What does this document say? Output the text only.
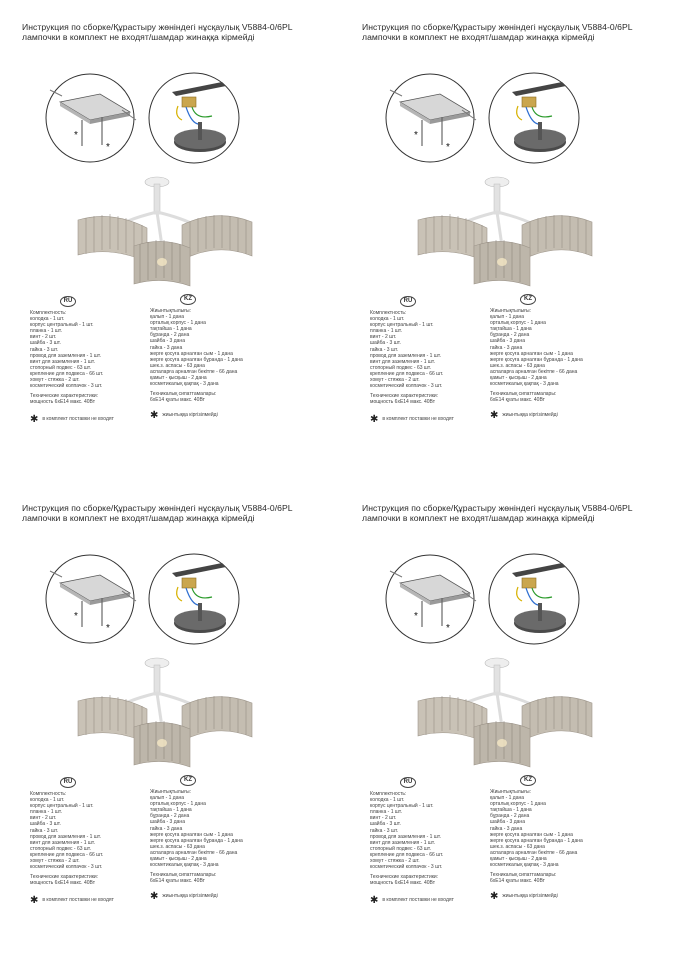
Инструкция по сборке/Құрастыру жөніндегі нұсқаулық V5884-0/6PL
лампочки в комплект не входят/шамдар жинаққа кірмейді
*
*
RU	KZ
Комплектность:
колодка - 1 шт.
корпус центральный - 1 шт.
планка - 1 шт.
винт - 2 шт.
шайба - 3 шт.
гайка - 3 шт.
провод для заземления - 1 шт.
винт для заземления - 1 шт.
стопорный подвес - 63 шт.
крепление для подвеса - 66 шт.
хомут - стяжка - 2 шт.
косметический колпачок - 3 шт.
Технические характеристики:
мощность 6хЕ14 макс. 40Вт
Жиынтықтылығы:
қалып - 1 дана
орталық корпус - 1 дана
тақтайша - 1 дана
бұранда - 2 дана
шайба - 3 дана
гайка - 3 дана
жерге қосуға арналған сым - 1 дана
жерге қосуға арналған бұранда - 1 дана
шек.з. аспасы - 63 дана
аспаларға арналған бекітпе - 66 дана
қамыт - қысқыш - 2 дана
косметикалық қақпақ - 3 дана
Техникалық сипаттамалары:
6хЕ14 қуаты макс. 40Вт
✱ в комплект поставки не входят	✱ жиынтыққа кіргізілмейді
Инструкция по сборке/Құрастыру жөніндегі нұсқаулық V5884-0/6PL
лампочки в комплект не входят/шамдар жинаққа кірмейді
*
*
RU	KZ
Комплектность:
колодка - 1 шт.
корпус центральный - 1 шт.
планка - 1 шт.
винт - 2 шт.
шайба - 3 шт.
гайка - 3 шт.
провод для заземления - 1 шт.
винт для заземления - 1 шт.
стопорный подвес - 63 шт.
крепление для подвеса - 66 шт.
хомут - стяжка - 2 шт.
косметический колпачок - 3 шт.
Технические характеристики:
мощность 6хЕ14 макс. 40Вт
Жиынтықтылығы:
қалып - 1 дана
орталық корпус - 1 дана
тақтайша - 1 дана
бұранда - 2 дана
шайба - 3 дана
гайка - 3 дана
жерге қосуға арналған сым - 1 дана
жерге қосуға арналған бұранда - 1 дана
шек.з. аспасы - 63 дана
аспаларға арналған бекітпе - 66 дана
қамыт - қысқыш - 2 дана
косметикалық қақпақ - 3 дана
Техникалық сипаттамалары:
6хЕ14 қуаты макс. 40Вт
✱ в комплект поставки не входят	✱ жиынтыққа кіргізілмейді
Инструкция по сборке/Құрастыру жөніндегі нұсқаулық V5884-0/6PL
лампочки в комплект не входят/шамдар жинаққа кірмейді
*
*
RU	KZ
Комплектность:
колодка - 1 шт.
корпус центральный - 1 шт.
планка - 1 шт.
винт - 2 шт.
шайба - 3 шт.
гайка - 3 шт.
провод для заземления - 1 шт.
винт для заземления - 1 шт.
стопорный подвес - 63 шт.
крепление для подвеса - 66 шт.
хомут - стяжка - 2 шт.
косметический колпачок - 3 шт.
Технические характеристики:
мощность 6хЕ14 макс. 40Вт
Жиынтықтылығы:
қалып - 1 дана
орталық корпус - 1 дана
тақтайша - 1 дана
бұранда - 2 дана
шайба - 3 дана
гайка - 3 дана
жерге қосуға арналған сым - 1 дана
жерге қосуға арналған бұранда - 1 дана
шек.з. аспасы - 63 дана
аспаларға арналған бекітпе - 66 дана
қамыт - қысқыш - 2 дана
косметикалық қақпақ - 3 дана
Техникалық сипаттамалары:
6хЕ14 қуаты макс. 40Вт
✱ в комплект поставки не входят	✱ жиынтыққа кіргізілмейді
Инструкция по сборке/Құрастыру жөніндегі нұсқаулық V5884-0/6PL
лампочки в комплект не входят/шамдар жинаққа кірмейді
*
*
RU	KZ
Комплектность:
колодка - 1 шт.
корпус центральный - 1 шт.
планка - 1 шт.
винт - 2 шт.
шайба - 3 шт.
гайка - 3 шт.
провод для заземления - 1 шт.
винт для заземления - 1 шт.
стопорный подвес - 63 шт.
крепление для подвеса - 66 шт.
хомут - стяжка - 2 шт.
косметический колпачок - 3 шт.
Технические характеристики:
мощность 6хЕ14 макс. 40Вт
Жиынтықтылығы:
қалып - 1 дана
орталық корпус - 1 дана
тақтайша - 1 дана
бұранда - 2 дана
шайба - 3 дана
гайка - 3 дана
жерге қосуға арналған сым - 1 дана
жерге қосуға арналған бұранда - 1 дана
шек.з. аспасы - 63 дана
аспаларға арналған бекітпе - 66 дана
қамыт - қысқыш - 2 дана
косметикалық қақпақ - 3 дана
Техникалық сипаттамалары:
6хЕ14 қуаты макс. 40Вт
✱ в комплект поставки не входят	✱ жиынтыққа кіргізілмейді
